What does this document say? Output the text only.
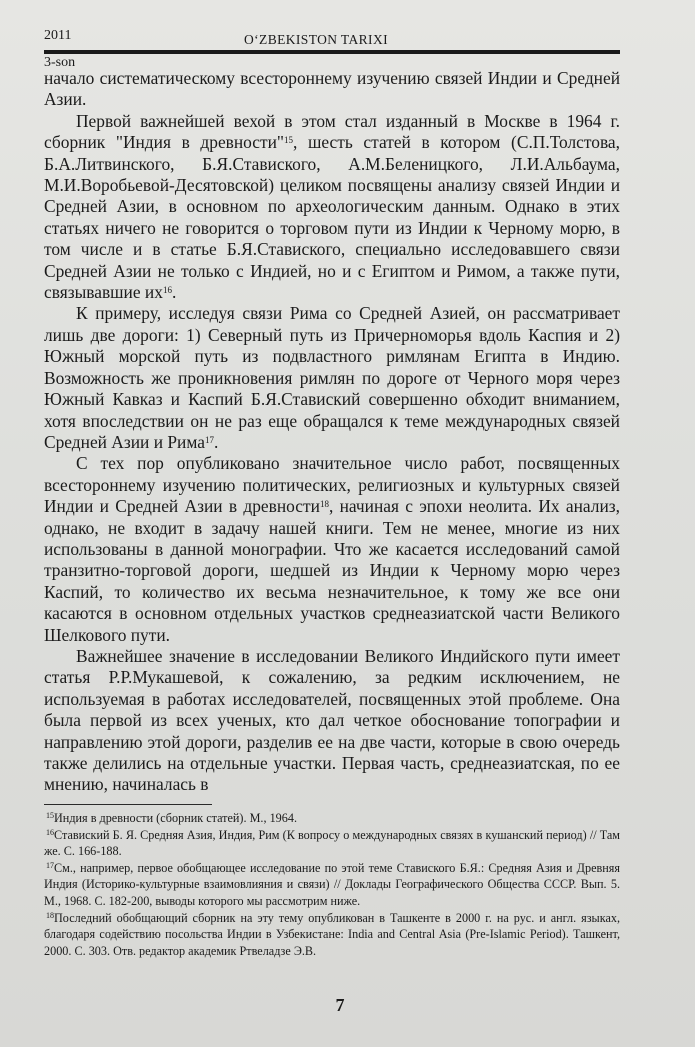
2011	O‘ZBEKISTON TARIXI
3-son

начало систематическому всестороннему изучению связей Индии и Средней Азии.

Первой важнейшей вехой в этом стал изданный в Москве в 1964 г. сборник "Индия в древности"$^{15}$, шесть статей в котором (С.П.Толстова, Б.А.Литвинского, Б.Я.Ставиского, А.М.Беленицкого, Л.И.Альбаума, М.И.Воробьевой-Десятовской) целиком посвящены анализу связей Индии и Средней Азии, в основном по археологическим данным. Однако в этих статьях ничего не говорится о торговом пути из Индии к Черному морю, в том числе и в статье Б.Я.Ставиского, специально исследовавшего связи Средней Азии не только с Индией, но и с Египтом и Римом, а также пути, связывавшие $их^{16}$.

К примеру, исследуя связи Рима со Средней Азией, он рассматривает лишь две дороги: 1) Северный путь из Причерноморья вдоль Каспия и 2) Южный морской путь из подвластного римлянам Египта в Индию. Возможность же проникновения римлян по дороге от Черного моря через Южный Кавказ и Каспий Б.Я.Ставиский совершенно обходит вниманием, хотя впоследствии он не раз еще обращался к теме международных связей Средней Азии и Рима$^{17}$.

С тех пор опубликовано значительное число работ, посвященных всестороннему изучению политических, религиозных и культурных связей Индии и Средней Азии в древности$^{18}$, начиная с эпохи неолита. Их анализ, однако, не входит в задачу нашей книги. Тем не менее, многие из них использованы в данной монографии. Что же касается исследований самой транзитно-торговой дороги, шедшей из Индии к Черному морю через Каспий, то количество их весьма незначительное, к тому же все они касаются в основном отдельных участков среднеазиатской части Великого Шелкового пути.

Важнейшее значение в исследовании Великого Индийского пути имеет статья Р.Р.Мукашевой, к сожалению, за редким исключением, не используемая в работах исследователей, посвященных этой проблеме. Она была первой из всех ученых, кто дал четкое обоснование топографии и направлению этой дороги, разделив ее на две части, которые в свою очередь также делились на отдельные участки. Первая часть, среднеазиатская, по ее мнению, начиналась в

$^{15}$Индия в древности (сборник статей). М., 1964.

$^{16}$Ставиский Б. Я. Средняя Азия, Индия, Рим (К вопросу о международных связях в кушанский период) // Там же. С. 166-188.

$^{17}$См., например, первое обобщающее исследование по этой теме Ставиского Б.Я.: Средняя Азия и Древняя Индия (Историко-культурные взаимовлияния и связи) // Доклады Географического Общества СССР. Вып. 5. М., 1968. С. 182-200, выводы которого мы рассмотрим ниже.

$^{18}$Последний обобщающий сборник на эту тему опубликован в Ташкенте в 2000 г. на рус. и англ. языках, благодаря содействию посольства Индии в Узбекистане: India and Central Asia (Pre-Islamic Period). Ташкент, 2000. С. 303. Отв. редактор академик Ртвеладзе Э.В.

7
